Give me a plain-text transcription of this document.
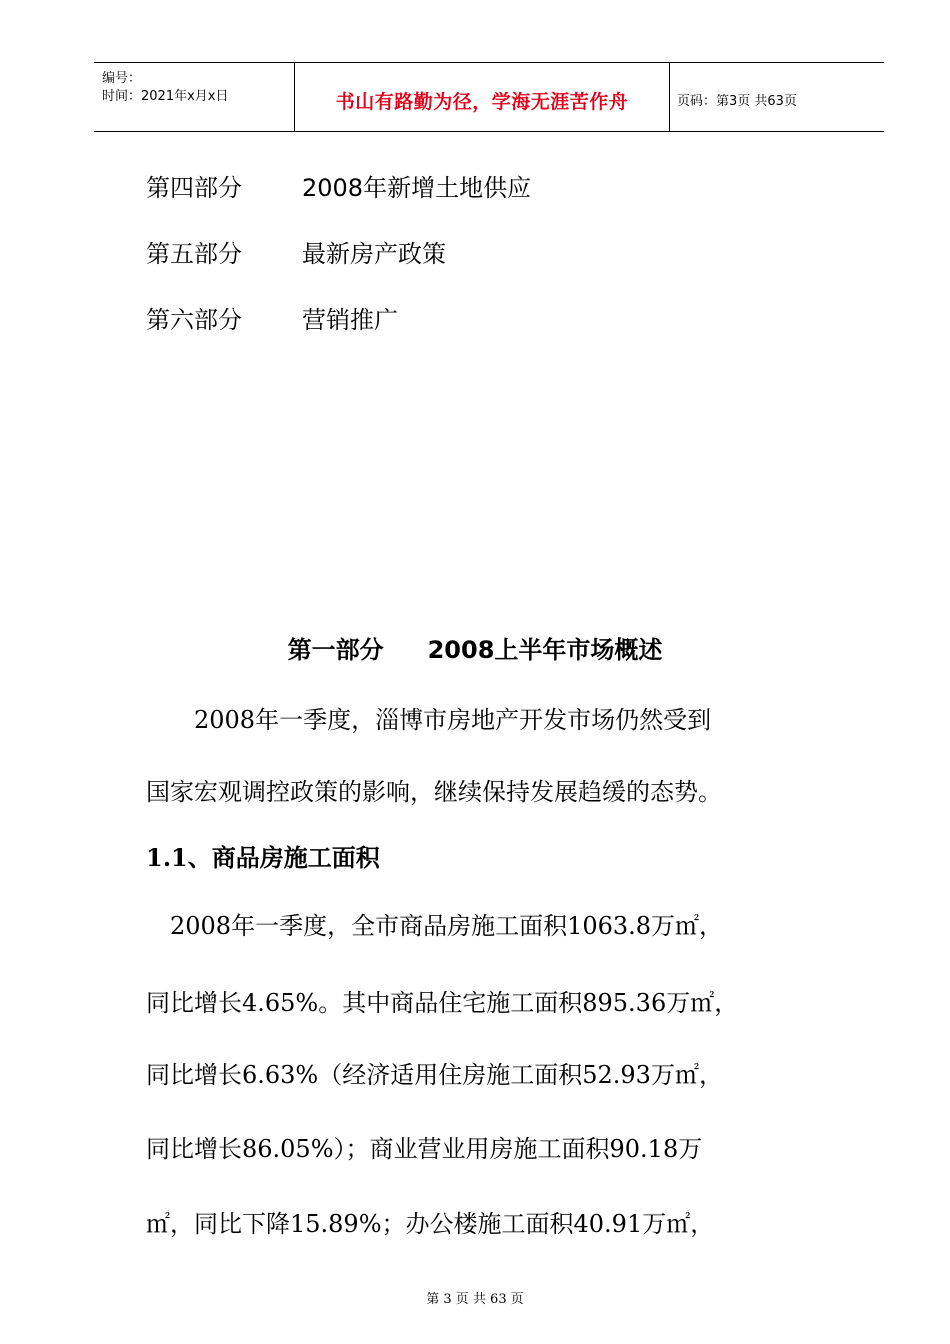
编号：
时间：2021年x月x日	书山有路勤为径，学海无涯苦作舟	页码：第3页 共63页
第四部分	2008年新增土地供应
第五部分	最新房产政策
第六部分	营销推广
第一部分 2008上半年市场概述
　　2008年一季度，淄博市房地产开发市场仍然受到
国家宏观调控政策的影响，继续保持发展趋缓的态势。
1.1、商品房施工面积
　2008年一季度，全市商品房施工面积1063.8万㎡，
同比增长4.65%。其中商品住宅施工面积895.36万㎡，
同比增长6.63%（经济适用住房施工面积52.93万㎡，
同比增长86.05%）；商业营业用房施工面积90.18万
㎡，同比下降15.89%；办公楼施工面积40.91万㎡，
第 3 页 共 63 页
